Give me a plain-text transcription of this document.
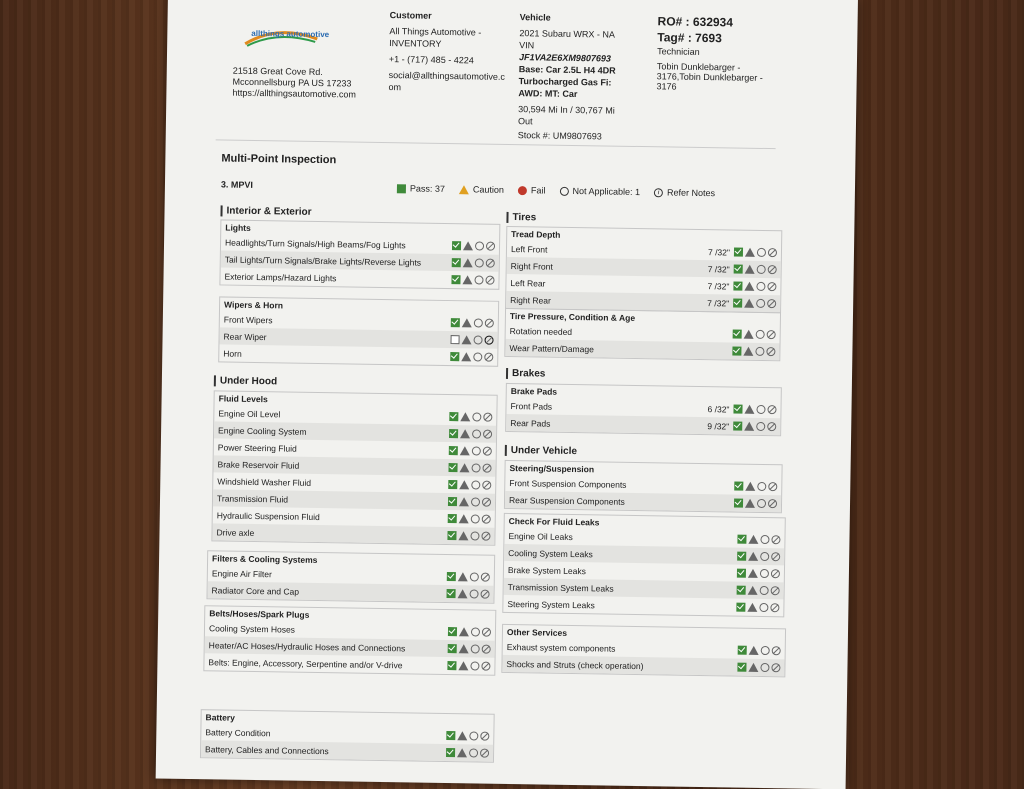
allthings automotive
21518 Great Cove Rd.
Mcconnellsburg PA US 17233
https://allthingsautomotive.com
Customer
All Things Automotive -
INVENTORY
+1 - (717) 485 - 4224
social@allthingsautomotive.c
om
Vehicle
2021 Subaru WRX - NA
VIN
JF1VA2E6XM9807693
Base: Car 2.5L H4 4DR
Turbocharged Gas Fi:
AWD: MT: Car
30,594 Mi In / 30,767 Mi
Out
Stock #: UM9807693
RO# : 632934
Tag# : 7693
Technician
Tobin Dunklebarger -
3176,Tobin Dunklebarger -
3176
Multi-Point Inspection
3. MPVI	Pass: 37	Caution	Fail	Not Applicable: 1	i Refer Notes
Interior & Exterior
Lights
Headlights/Turn Signals/High Beams/Fog Lights
Tail Lights/Turn Signals/Brake Lights/Reverse Lights
Exterior Lamps/Hazard Lights
Wipers & Horn
Front Wipers
Rear Wiper
Horn
Under Hood
Fluid Levels
Engine Oil Level
Engine Cooling System
Power Steering Fluid
Brake Reservoir Fluid
Windshield Washer Fluid
Transmission Fluid
Hydraulic Suspension Fluid
Drive axle
Filters & Cooling Systems
Engine Air Filter
Radiator Core and Cap
Belts/Hoses/Spark Plugs
Cooling System Hoses
Heater/AC Hoses/Hydraulic Hoses and Connections
Belts: Engine, Accessory, Serpentine and/or V-drive
Battery
Battery Condition
Battery, Cables and Connections
Tires
Tread Depth
Left Front	7 /32"
Right Front	7 /32"
Left Rear	7 /32"
Right Rear	7 /32"
Tire Pressure, Condition & Age
Rotation needed
Wear Pattern/Damage
Brakes
Brake Pads
Front Pads	6 /32"
Rear Pads	9 /32"
Under Vehicle
Steering/Suspension
Front Suspension Components
Rear Suspension Components
Check For Fluid Leaks
Engine Oil Leaks
Cooling System Leaks
Brake System Leaks
Transmission System Leaks
Steering System Leaks
Other Services
Exhaust system components
Shocks and Struts (check operation)
